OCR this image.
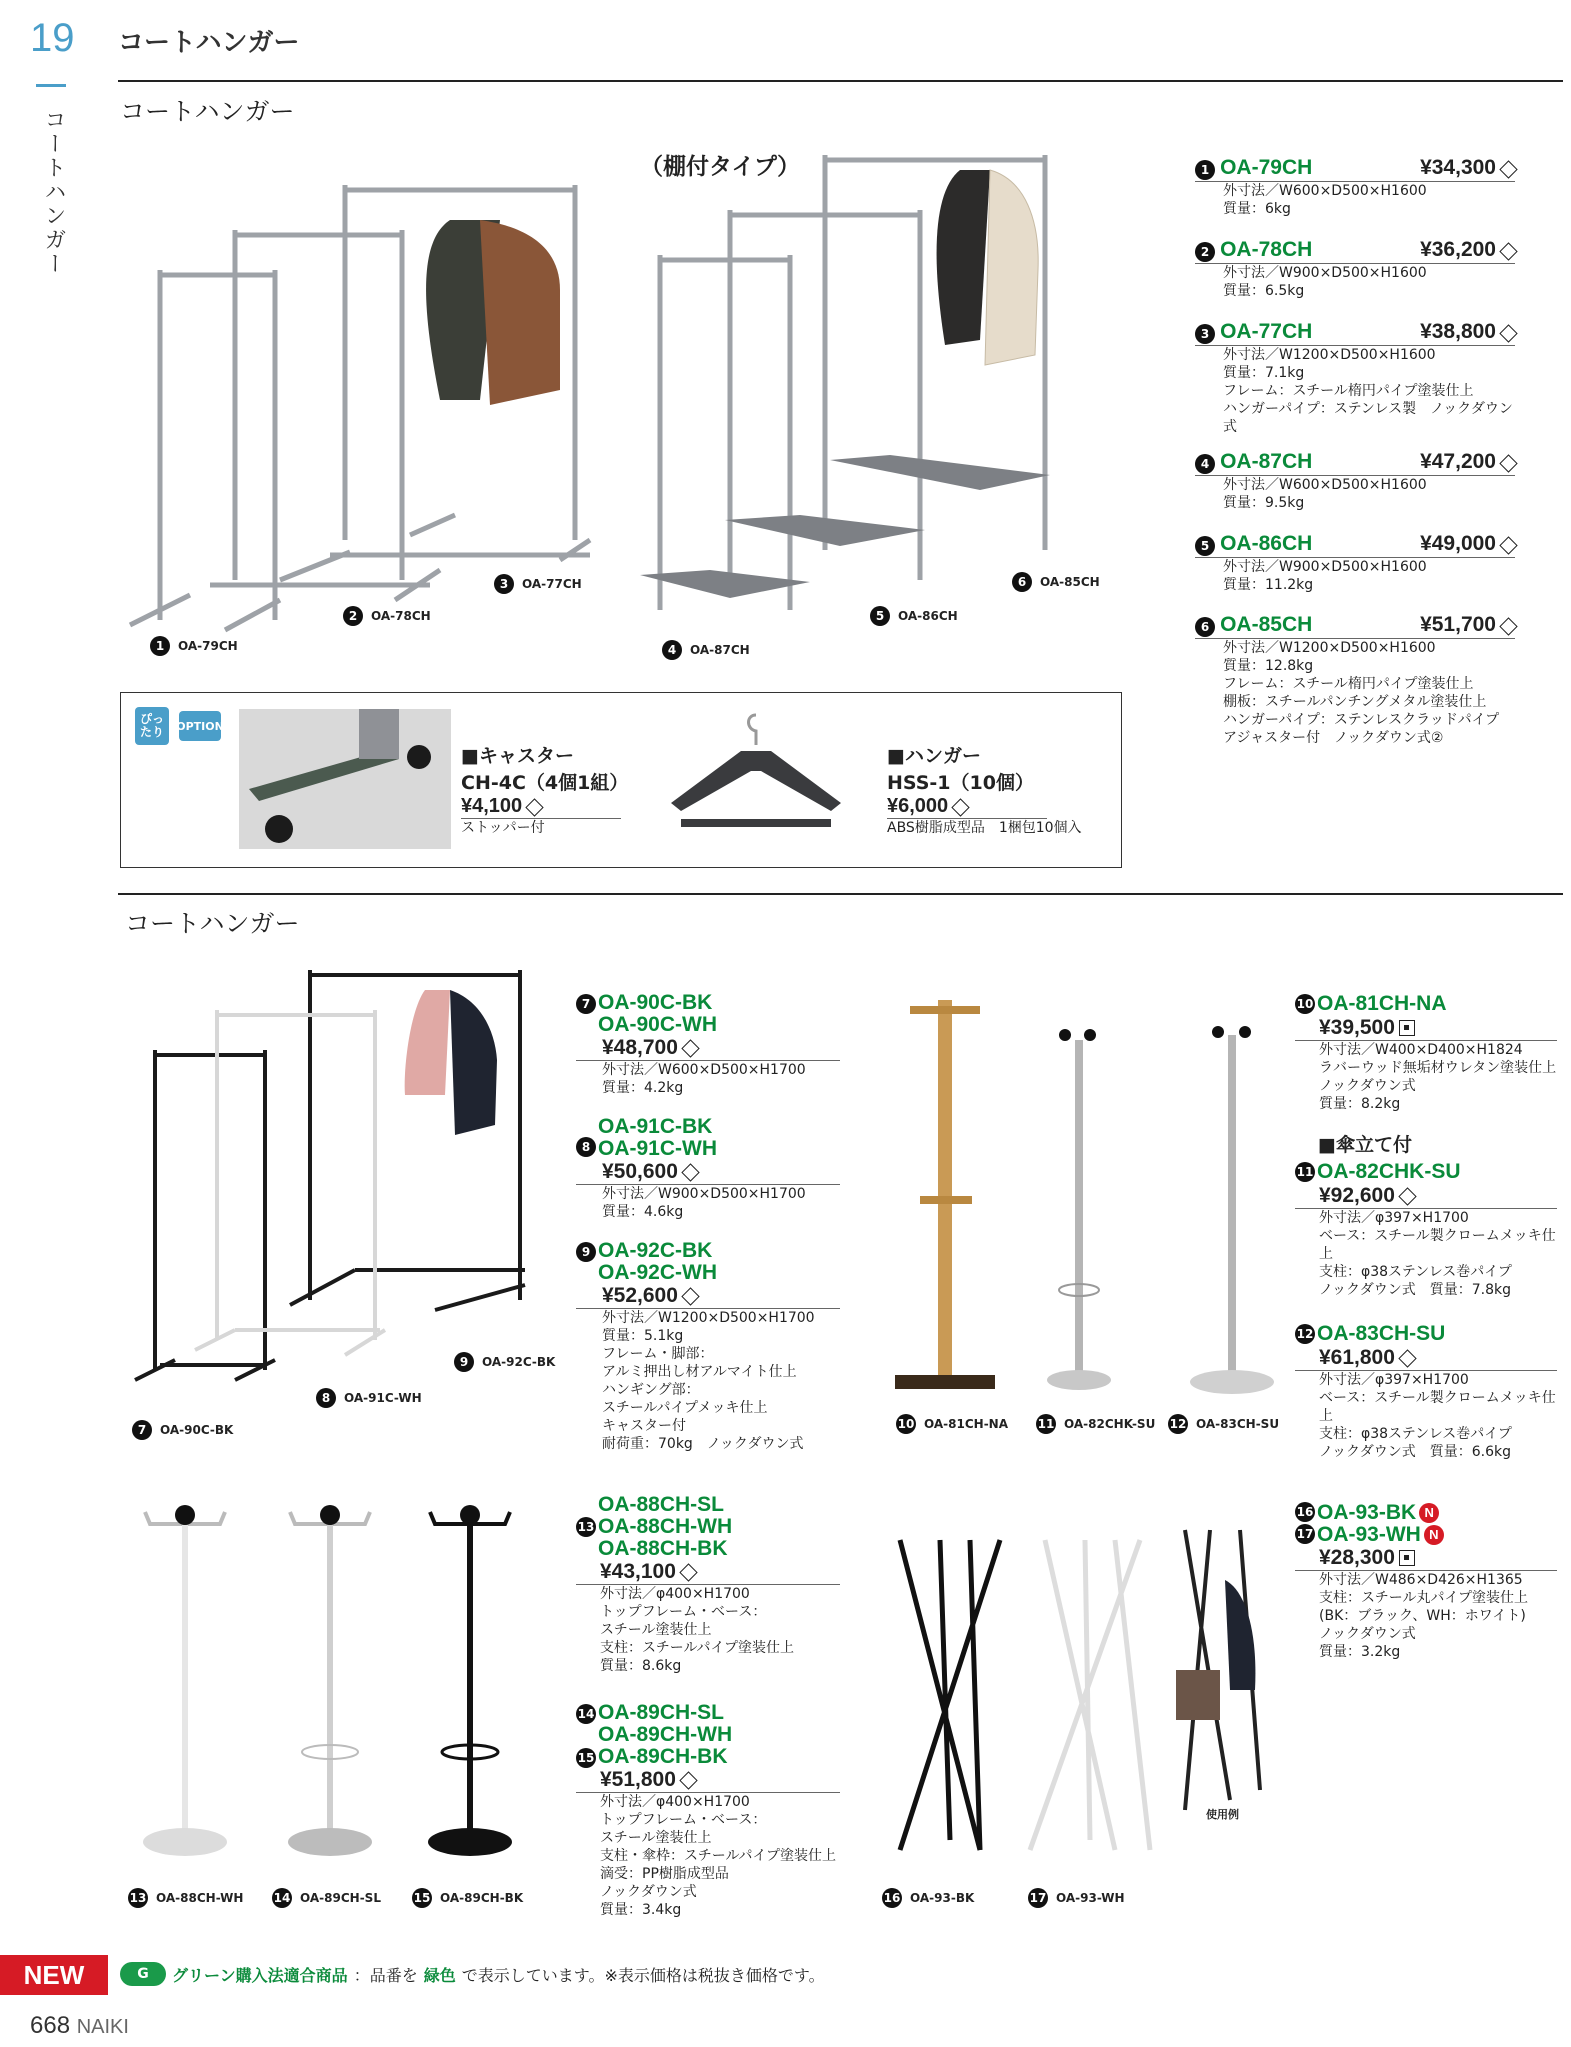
19
コートハンガー
コートハンガー
コートハンガー
1	OA-79CH
2	OA-78CH
3	OA-77CH
（棚付タイプ）
4	OA-87CH
5	OA-86CH
6	OA-85CH
1 OA-79CH	¥34,300
外寸法／W600×D500×H1600
質量：6kg
2 OA-78CH	¥36,200
外寸法／W900×D500×H1600
質量：6.5kg
3 OA-77CH	¥38,800
外寸法／W1200×D500×H1600
質量：7.1kg
フレーム：スチール楕円パイプ塗装仕上
ハンガーパイプ：ステンレス製　ノックダウン式
4 OA-87CH	¥47,200
外寸法／W600×D500×H1600
質量：9.5kg
5 OA-86CH	¥49,000
外寸法／W900×D500×H1600
質量：11.2kg
6 OA-85CH	¥51,700
外寸法／W1200×D500×H1600
質量：12.8kg
フレーム：スチール楕円パイプ塗装仕上
棚板：スチールパンチングメタル塗装仕上
ハンガーパイプ：ステンレスクラッドパイプ
アジャスター付　ノックダウン式②
ぴったり	OPTION
■キャスター
CH-4C（4個1組）
¥4,100
ストッパー付
■ハンガー
HSS-1（10個）
¥6,000
ABS樹脂成型品　1梱包10個入
コートハンガー
7	OA-90C-BK
8	OA-91C-WH
9	OA-92C-BK
7 OA-90C-BK
OA-90C-WH
¥48,700
外寸法／W600×D500×H1700
質量：4.2kg
8
OA-91C-BK
OA-91C-WH
¥50,600
外寸法／W900×D500×H1700
質量：4.6kg
9 OA-92C-BK
OA-92C-WH
¥52,600
外寸法／W1200×D500×H1700
質量：5.1kg
フレーム・脚部：
アルミ押出し材アルマイト仕上
ハンギング部：
スチールパイプメッキ仕上
キャスター付
耐荷重：70kg　ノックダウン式
10 OA-81CH-NA 11 OA-82CHK-SU 12 OA-83CH-SU
10 OA-81CH-NA
¥39,500
外寸法／W400×D400×H1824
ラバーウッド無垢材ウレタン塗装仕上
ノックダウン式
質量：8.2kg
■傘立て付
11 OA-82CHK-SU
¥92,600
外寸法／φ397×H1700
ベース：スチール製クロームメッキ仕上
支柱：φ38ステンレス巻パイプ
ノックダウン式　質量：7.8kg
12 OA-83CH-SU
¥61,800
外寸法／φ397×H1700
ベース：スチール製クロームメッキ仕上
支柱：φ38ステンレス巻パイプ
ノックダウン式　質量：6.6kg
13 OA-88CH-WH	14 OA-89CH-SL	15 OA-89CH-BK
13
OA-88CH-SL
OA-88CH-WH
OA-88CH-BK
¥43,100
外寸法／φ400×H1700
トップフレーム・ベース：
スチール塗装仕上
支柱：スチールパイプ塗装仕上
質量：8.6kg
14
15
OA-89CH-SL
OA-89CH-WH
OA-89CH-BK
¥51,800
外寸法／φ400×H1700
トップフレーム・ベース：
スチール塗装仕上
支柱・傘枠：スチールパイプ塗装仕上
滴受：PP樹脂成型品
ノックダウン式
質量：3.4kg
使用例
16 OA-93-BK	17 OA-93-WH
16
17
OA-93-BK N
OA-93-WH N
¥28,300
外寸法／W486×D426×H1365
支柱：スチール丸パイプ塗装仕上
(BK：ブラック、WH：ホワイト)
ノックダウン式
質量：3.2kg
NEW	G	グリーン購入法適合商品 ：品番を 緑色 で表示しています。※表示価格は税抜き価格です。
668 NAIKI
